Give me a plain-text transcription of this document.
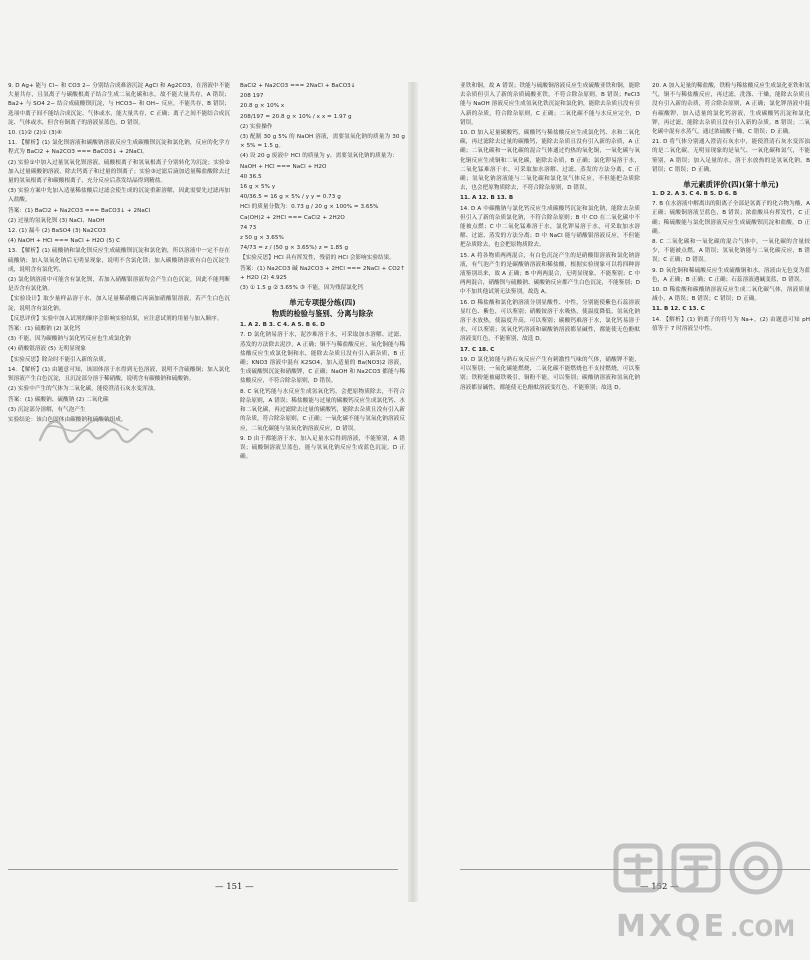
9. D Ag+ 能与 Cl− 和 CO3 2− 分别结合成难溶沉淀 AgCl 和 Ag2CO3，在溶液中不能大量共存，且氢离子与碳酸根离子结合生成二氧化碳和水，故不能大量共存，A 错误；Ba2+ 与 SO4 2− 结合成硫酸钡沉淀，与 HCO3− 和 OH− 反应，不能共存，B 错误；选项中离子间不能结合成沉淀、气体或水，能大量共存，C 正确；离子之间不能结合成沉淀、气体或水，但含有铜离子的溶液显蓝色，D 错误。

10. (1)② (2)① (3)④

11. 【解析】(1) 氯化钡溶液和碳酸钠溶液反应生成碳酸钡沉淀和氯化钠，反应的化学方程式为 BaCl2 + Na2CO3 === BaCO3↓ + 2NaCl。

(2) 实验①中加入过量氢氧化钡溶液，硫酸根离子和氢氧根离子分别转化为沉淀；实验②加入过量碳酸钠溶液，除去钙离子和过量的钡离子；实验③过滤后滴加适量稀盐酸除去过量的氢氧根离子和碳酸根离子，充分反应后蒸发结晶得到精盐。

(3) 实验方案中先加入适量稀盐酸后过滤会使生成的沉淀重新溶解，因此需要先过滤再加入盐酸。

答案：(1) BaCl2 + Na2CO3 === BaCO3↓ + 2NaCl

(2) 过量的氢氧化钡 (3) NaCl、NaOH

12. (1) 漏斗 (2) BaSO4 (3) Na2CO3

(4) NaOH + HCl === NaCl + H2O (5) C

13. 【解析】(1) 硫酸钠和氯化钡反应生成硫酸钡沉淀和氯化钠，所以溶液中一定不存在硫酸钠；加入氢氧化钠后无明显现象，说明不含氯化镁；加入碳酸钠溶液有白色沉淀生成，说明含有氯化钙。

(2) 氯化钠溶液中可能含有氯化钡，若加入硝酸银溶液均会产生白色沉淀，因此不能判断是否含有氯化钠。

【实验设计】取少量样品溶于水，加入足量稀硝酸后再滴加硝酸银溶液，若产生白色沉淀，说明含有氯化钠。

【反思评价】实验中加入试剂的顺序会影响实验结果，应注意试剂的用量与加入顺序。

答案：(1) 硫酸钠 (2) 氯化钙

(3) 不能，因为碳酸钠与氯化钙反应也生成氯化钠

(4) 硝酸银溶液 (5) 无明显现象

【实验反思】除杂时不能引入新的杂质。

14. 【解析】(1) 由题意可知，该固体溶于水得到无色溶液，说明不含硫酸铜；加入氯化钡溶液产生白色沉淀，且沉淀部分溶于稀硝酸，说明含有碳酸钠和硫酸钠。

(2) 实验中产生的气体为二氧化碳，能使澄清石灰水变浑浊。

答案：(1) 碳酸钠、硫酸钠 (2) 二氧化碳

(3) 沉淀部分溶解，有气泡产生

实验结论：该白色固体由碳酸钠和硫酸钠组成。

BaCl2 + Na2CO3 === 2NaCl + BaCO3↓

208 197

20.8 g × 10% x

208/197 = 20.8 g × 10% / x x = 1.97 g

(2) 实验操作

(3) 配制 30 g 5% 的 NaOH 溶液，需要氢氧化钠的质量为 30 g × 5% = 1.5 g。

(4) 设 20 g 废液中 HCl 的质量为 y，需要氢氧化钠的质量为：

NaOH + HCl === NaCl + H2O

40 36.5

16 g × 5% y

40/36.5 = 16 g × 5% / y y = 0.73 g

HCl 的质量分数为：0.73 g / 20 g × 100% = 3.65%

Ca(OH)2 + 2HCl === CaCl2 + 2H2O

74 73

z 50 g × 3.65%

74/73 = z / (50 g × 3.65%) z = 1.85 g

【实验反思】HCl 具有挥发性，残留的 HCl 会影响实验结果。

答案：(1) Na2CO3 碱 Na2CO3 + 2HCl === 2NaCl + CO2↑ + H2O (2) 4.925

(3) ① 1.5 g ② 3.65% ③ 不能，因为残留氯化钙

单元专项提分练(四)
物质的检验与鉴别、分离与除杂

1. A 2. B 3. C 4. A 5. B 6. D

7. D 氯化钠易溶于水，泥沙难溶于水，可采取加水溶解、过滤、蒸发的方法除去泥沙，A 正确；铜不与稀盐酸反应，氧化铜能与稀盐酸反应生成氯化铜和水，能除去杂质且没有引入新杂质，B 正确；KNO3 溶液中混有 K2SO4，加入适量的 Ba(NO3)2 溶液，生成硫酸钡沉淀和硝酸钾，C 正确；NaOH 和 Na2CO3 都能与稀盐酸反应，不符合除杂原则，D 错误。

8. C 氧化钙能与水反应生成氢氧化钙，会把原物质除去，不符合除杂原则，A 错误；稀盐酸能与过量的碳酸钙反应生成氯化钙、水和二氧化碳，再过滤除去过量的碳酸钙，能除去杂质且没有引入新的杂质，符合除杂原则，C 正确；一氧化碳不能与氢氧化钠溶液反应，二氧化碳能与氢氧化钠溶液反应，D 错误。

9. D 由于都能溶于水，加入足量水后得到溶液，不能鉴别，A 错误；硫酸铜溶液呈蓝色，能与氢氧化钠反应生成蓝色沉淀，D 正确。

— 151 —

亚铁和铜，故 A 错误；铁能与硫酸铜溶液反应生成硫酸亚铁和铜，能除去杂质但引入了新的杂质硫酸亚铁，不符合除杂原则，B 错误；FeCl3 能与 NaOH 溶液反应生成氢氧化铁沉淀和氯化钠，能除去杂质且没有引入新的杂质，符合除杂原则，C 正确；二氧化碳不能与水反应完全，D 错误。

10. D 加入足量碳酸钙，碳酸钙与稀盐酸反应生成氯化钙、水和二氧化碳，再过滤除去过量的碳酸钙，能除去杂质且没有引入新的杂质，A 正确；二氧化碳和一氧化碳的混合气体通过灼热的氧化铜，一氧化碳与氧化铜反应生成铜和二氧化碳，能除去杂质，B 正确；氯化钾易溶于水，二氧化锰难溶于水，可采取加水溶解、过滤、蒸发的方法分离，C 正确；氢氧化钠溶液能与二氧化碳和氯化氢气体反应，不但能把杂质除去，也会把原物质除去，不符合除杂原则，D 错误。

11. A 12. B 13. B

14. D A 中碳酸钠与氯化钙反应生成碳酸钙沉淀和氯化钠，能除去杂质但引入了新的杂质氯化钠，不符合除杂原则；B 中 CO 在二氧化碳中不能被点燃；C 中二氧化锰难溶于水，氯化钾易溶于水，可采取加水溶解、过滤、蒸发的方法分离；D 中 NaCl 能与硝酸银溶液反应，不但能把杂质除去，也会把原物质除去。

15. A 将各物质两两混合，有白色沉淀产生的是硝酸银溶液和氯化钠溶液，有气泡产生的是碳酸钠溶液和稀盐酸，根据实验现象可以将四种溶液鉴别出来，故 A 正确；B 中两两混合，无明显现象，不能鉴别；C 中两两混合，硝酸钡与硫酸钠、碳酸钠反应都产生白色沉淀，不能鉴别；D 中不加其他试剂无法鉴别，故选 A。

16. D 稀盐酸和氯化钠溶液分别显酸性、中性，分别能使紫色石蕊溶液显红色、紫色，可以鉴别；硝酸铵溶于水吸热，使温度降低，氢氧化钠溶于水放热，使温度升高，可以鉴别；碳酸钙难溶于水，氯化钙易溶于水，可以鉴别；氢氧化钙溶液和碳酸钠溶液都显碱性，都能使无色酚酞溶液变红色，不能鉴别，故选 D。

17. C 18. C

19. D 氯化铵能与熟石灰反应产生有刺激性气味的气体，硝酸钾不能，可以鉴别；一氧化碳能燃烧，二氧化碳不能燃烧也不支持燃烧，可以鉴别；铁粉能被磁铁吸引，铜粉不能，可以鉴别；碳酸钠溶液和氢氧化钠溶液都显碱性，都能使无色酚酞溶液变红色，不能鉴别；故选 D。

20. A 加入足量的稀盐酸，铁粉与稀盐酸反应生成氯化亚铁和氢气，铜不与稀盐酸反应，再过滤，洗涤、干燥，能除去杂质且没有引入新的杂质，符合除杂原则，A 正确；氯化钾溶液中混有碳酸钾，加入适量的氯化钙溶液，生成碳酸钙沉淀和氯化钾，再过滤，能除去杂质且没有引入新的杂质，B 错误；二氧化碳中混有水蒸气，通过浓硫酸干燥，C 错误；D 正确。

21. D 将气体分别通入澄清石灰水中，能使澄清石灰水变浑浊的是二氧化碳，无明显现象的是氧气、一氧化碳和氮气，不能鉴别，A 错误；加入足量的水，溶于水放热的是氢氧化钠，B 错误；C 错误；D 正确。

单元素质评价(四)(第十单元)

1. D 2. A 3. C 4. B 5. D 6. B

7. B 在水溶液中解离出的阳离子全部是氢离子的化合物为酸，A 正确；硫酸铜溶液呈蓝色，B 错误；浓盐酸具有挥发性，C 正确；稀硫酸能与氯化钡溶液反应生成硫酸钡沉淀和盐酸，D 正确。

8. C 二氧化碳和一氧化碳的混合气体中，一氧化碳的含量较少，不能被点燃，A 错误；氢氧化钠能与二氧化碳反应，B 错误；C 正确；D 错误。

9. D 氧化铜和稀硫酸反应生成硫酸铜和水，溶液由无色变为蓝色，A 正确；B 正确；C 正确；石蕊溶液遇碱变蓝，D 错误。

10. D 稀盐酸和碳酸钠溶液反应生成二氧化碳气体，溶液质量减小，A 错误；B 错误；C 错误；D 正确。

11. B 12. C 13. C

14. 【解析】(1) 钠离子的符号为 Na+，(2) 由题意可知 pH 值等于 7 时溶液呈中性。

— 152 —
MXQE .COM
